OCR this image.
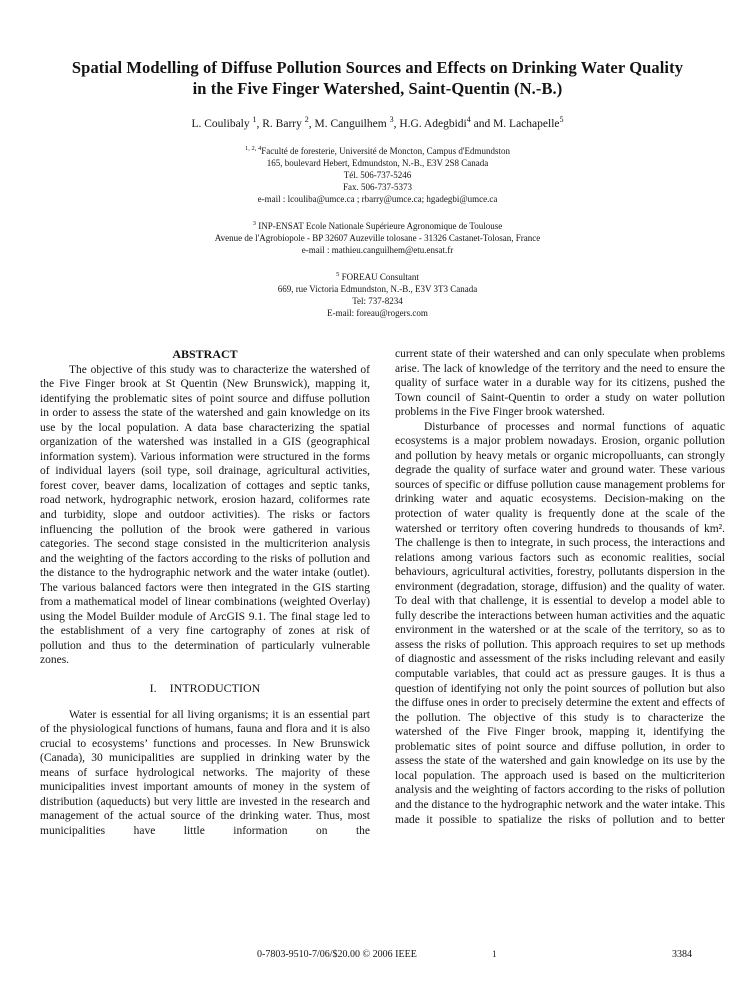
Spatial Modelling of Diffuse Pollution Sources and Effects on Drinking Water Quality
in the Five Finger Watershed, Saint-Quentin (N.-B.)
L. Coulibaly $^1$, R. Barry $^2$, M. Canguilhem $^3$, H.G. Adegbidi$^4$ and M. Lachapelle$^5$
$^{1, 2, 4}$Faculté de foresterie, Université de Moncton, Campus d'Edmundston
165, boulevard Hebert, Edmundston, N.-B., E3V 2S8 Canada
Tél. 506-737-5246
Fax. 506-737-5373
e-mail : lcouliba@umce.ca ; rbarry@umce.ca; hgadegbi@umce.ca
$^3$ INP-ENSAT Ecole Nationale Supérieure Agronomique de Toulouse
Avenue de l'Agrobiopole - BP 32607 Auzeville tolosane - 31326 Castanet-Tolosan, France
e-mail : mathieu.canguilhem@etu.ensat.fr
$^5$ FOREAU Consultant
669, rue Victoria Edmundston, N.-B., E3V 3T3 Canada
Tel: 737-8234
E-mail: foreau@rogers.com
ABSTRACT

The objective of this study was to characterize the watershed of the Five Finger brook at St Quentin (New Brunswick), mapping it, identifying the problematic sites of point source and diffuse pollution in order to assess the state of the watershed and gain knowledge on its use by the local population. A data base characterizing the spatial organization of the watershed was installed in a GIS (geographical information system). Various information were structured in the forms of individual layers (soil type, soil drainage, agricultural activities, forest cover, beaver dams, localization of cottages and septic tanks, road network, hydrographic network, erosion hazard, coliformes rate and turbidity, slope and outdoor activities). The risks or factors influencing the pollution of the brook were gathered in various categories. The second stage consisted in the multicriterion analysis and the weighting of the factors according to the risks of pollution and the distance to the hydrographic network and the water intake (outlet). The various balanced factors were then integrated in the GIS starting from a mathematical model of linear combinations (weighted Overlay) using the Model Builder module of ArcGIS 9.1. The final stage led to the establishment of a very fine cartography of zones at risk of pollution and thus to the determination of particularly vulnerable zones.

I. INTRODUCTION

Water is essential for all living organisms; it is an essential part of the physiological functions of humans, fauna and flora and it is also crucial to ecosystems’ functions and processes. In New Brunswick (Canada), 30 municipalities are supplied in drinking water by the means of surface hydrological networks. The majority of these municipalities invest important amounts of money in the system of distribution (aqueducts) but very little are invested in the research and management of the actual source of the drinking water. Thus, most municipalities have little information on the

current state of their watershed and can only speculate when problems arise. The lack of knowledge of the territory and the need to ensure the quality of surface water in a durable way for its citizens, pushed the Town council of Saint-Quentin to order a study on water pollution problems in the Five Finger brook watershed.

Disturbance of processes and normal functions of aquatic ecosystems is a major problem nowadays. Erosion, organic pollution and pollution by heavy metals or organic micropolluants, can strongly degrade the quality of surface water and ground water. These various sources of specific or diffuse pollution cause management problems for drinking water and aquatic ecosystems. Decision-making on the protection of water quality is frequently done at the scale of the watershed or territory often covering hundreds to thousands of km². The challenge is then to integrate, in such process, the interactions and relations among various factors such as economic realities, social behaviours, agricultural activities, forestry, pollutants dispersion in the environment (degradation, storage, diffusion) and the quality of water. To deal with that challenge, it is essential to develop a model able to fully describe the interactions between human activities and the aquatic environment in the watershed or at the scale of the territory, so as to assess the risks of pollution. This approach requires to set up methods of diagnostic and assessment of the risks including relevant and easily computable variables, that could act as pressure gauges. It is thus a question of identifying not only the point sources of pollution but also the diffuse ones in order to precisely determine the extent and effects of the pollution. The objective of this study is to characterize the watershed of the Five Finger brook, mapping it, identifying the problematic sites of point source and diffuse pollution, in order to assess the state of the watershed and gain knowledge on its use by the local population. The approach used is based on the multicriterion analysis and the weighting of factors according to the risks of pollution and the distance to the hydrographic network and the water intake. This made it possible to spatialize the risks of pollution and to better

0-7803-9510-7/06/$20.00 © 2006 IEEE	1	3384
